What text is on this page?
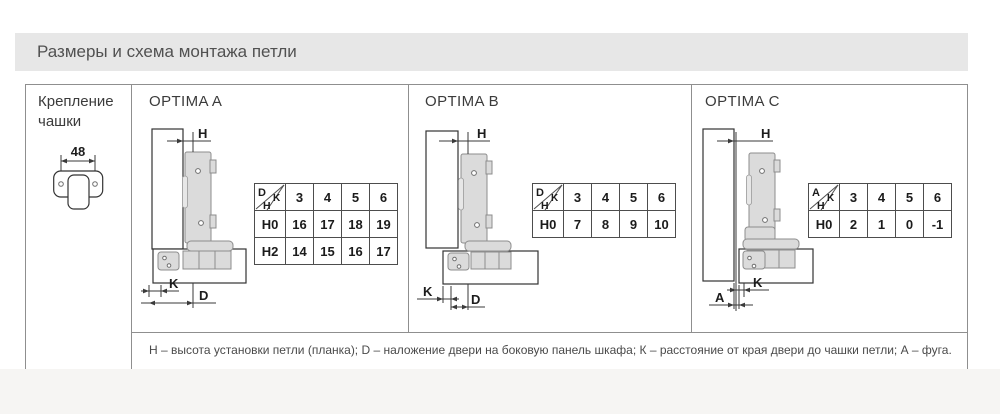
Размеры и схема монтажа петли
Крепление
чашки
48
OPTIMA A
H
K
D
D K
H	3	4	5	6
H0	16	17	18	19
H2	14	15	16	17
OPTIMA B
H
K
D
D K
H	3	4	5	6
H0	7	8	9	10
OPTIMA C
H
K
A
A K
H	3	4	5	6
H0	2	1	0	-1
H – высота установки петли (планка); D – наложение двери на боковую панель шкафа; К – расстояние от края двери до чашки петли; А – фуга.
